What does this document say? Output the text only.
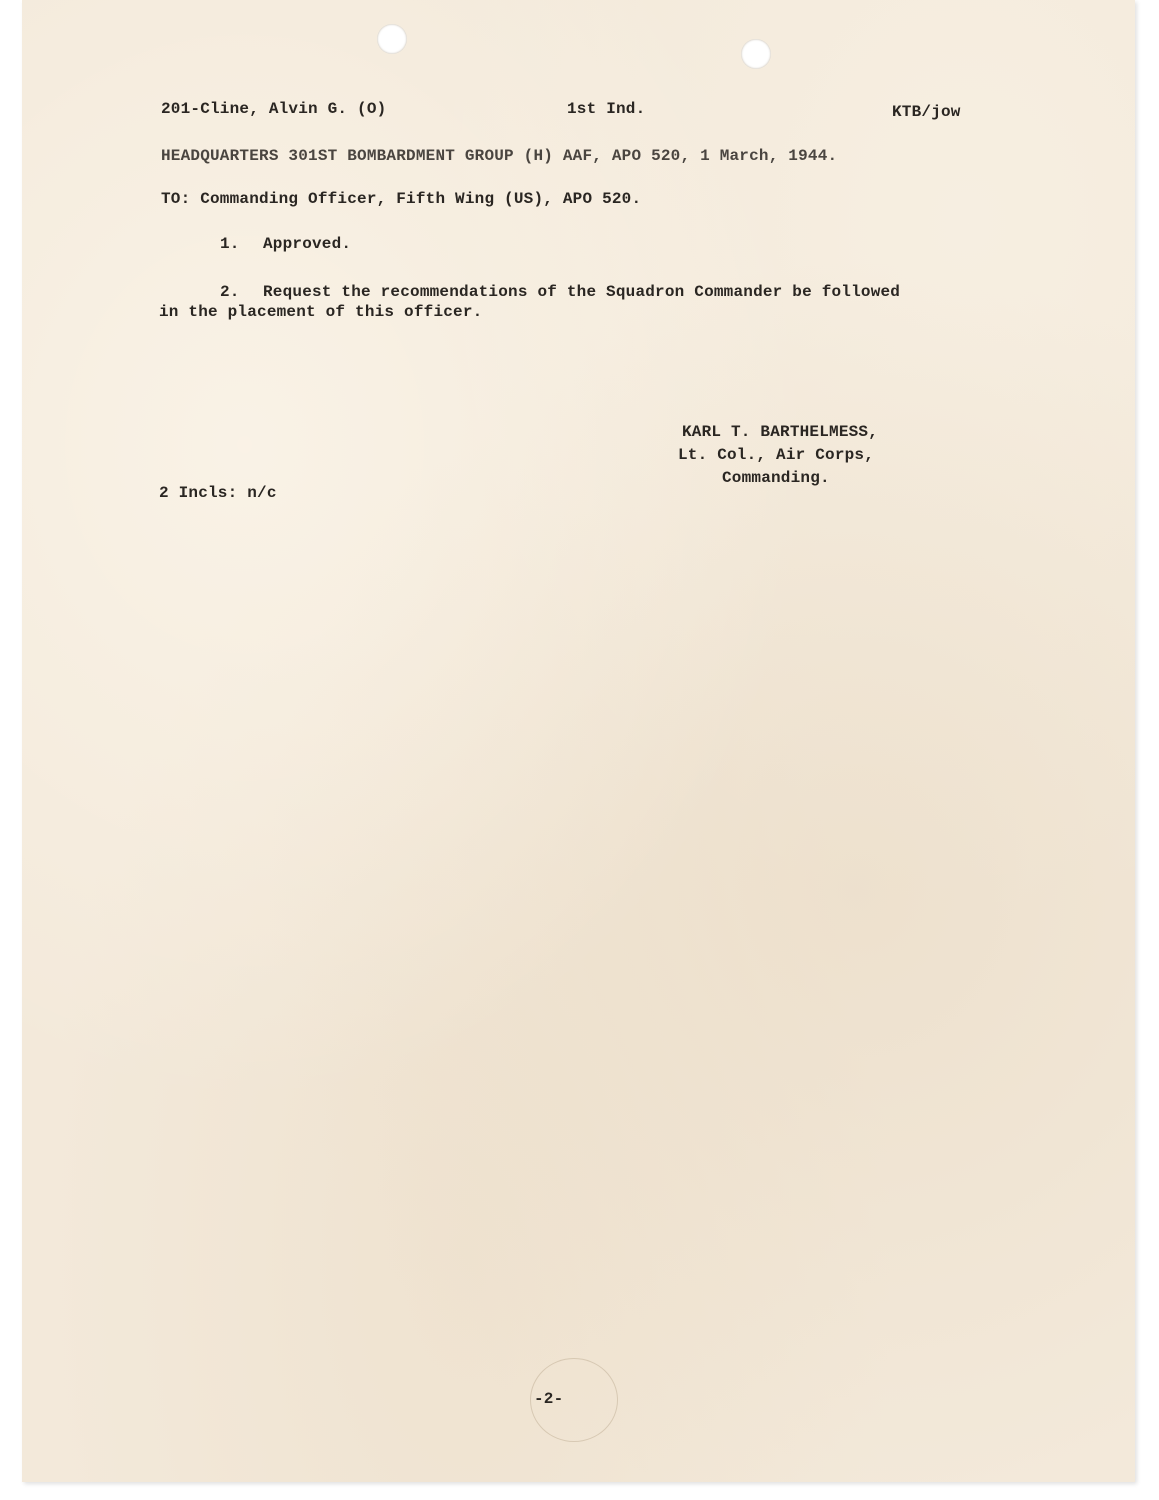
201-Cline, Alvin G. (O)	1st Ind.	KTB/jow

HEADQUARTERS 301ST BOMBARDMENT GROUP (H) AAF, APO 520, 1 March, 1944.

TO: Commanding Officer, Fifth Wing (US), APO 520.

1. Approved.

2. Request the recommendations of the Squadron Commander be followed

in the placement of this officer.

KARL T. BARTHELMESS,

Lt. Col., Air Corps,

Commanding.

2 Incls: n/c

-2-
